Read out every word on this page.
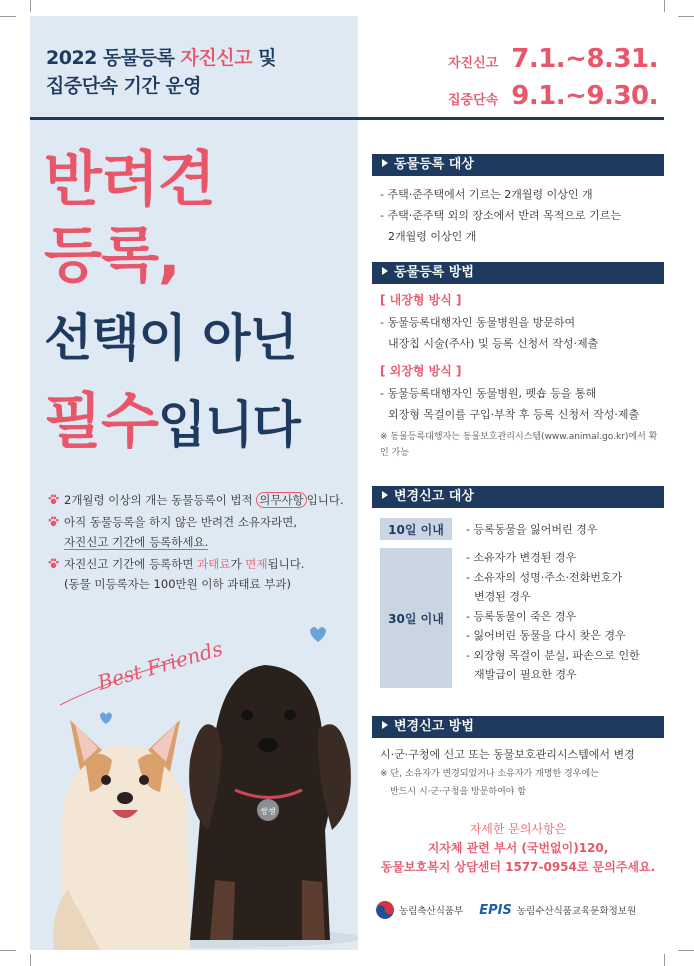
2022 동물등록 자진신고 및
집중단속 기간 운영
자진신고 7.1.~8.31.
집중단속 9.1.~9.30.
반려견
등록,
선택이 아닌
필수입니다
2개월령 이상의 개는 동물등록이 법적 의무사항 입니다.
아직 동물등록을 하지 않은 반려견 소유자라면,
자진신고 기간에 등록하세요.
자진신고 기간에 등록하면 과태료가 면제됩니다.
(동물 미등록자는 100만원 이하 과태료 부과)
쌍챙
Best Friends
동물등록 대상
- 주택·준주택에서 기르는 2개월령 이상인 개
- 주택·준주택 외의 장소에서 반려 목적으로 기르는
2개월령 이상인 개
동물등록 방법
[ 내장형 방식 ]
- 동물등록대행자인 동물병원을 방문하여
내장칩 시술(주사) 및 등록 신청서 작성·제출
[ 외장형 방식 ]
- 동물등록대행자인 동물병원, 펫숍 등을 통해
외장형 목걸이를 구입·부착 후 등록 신청서 작성·제출
※ 동물등록대행자는 동물보호관리시스템(www.animal.go.kr)에서 확인 가능
변경신고 대상
10일 이내	- 등록동물을 잃어버린 경우
30일 이내
- 소유자가 변경된 경우
- 소유자의 성명·주소·전화번호가
변경된 경우
- 등록동물이 죽은 경우
- 잃어버린 동물을 다시 찾은 경우
- 외장형 목걸이 분실, 파손으로 인한
재발급이 필요한 경우
변경신고 방법
시·군·구청에 신고 또는 동물보호관리시스템에서 변경
※ 단, 소유자가 변경되었거나 소유자가 개명한 경우에는
반드시 시·군·구청을 방문하여야 함
자세한 문의사항은
지자체 관련 부서 (국번없이)120,
동물보호복지 상담센터 1577-0954로 문의주세요.
농림축산식품부 EPIS 농림수산식품교육문화정보원
